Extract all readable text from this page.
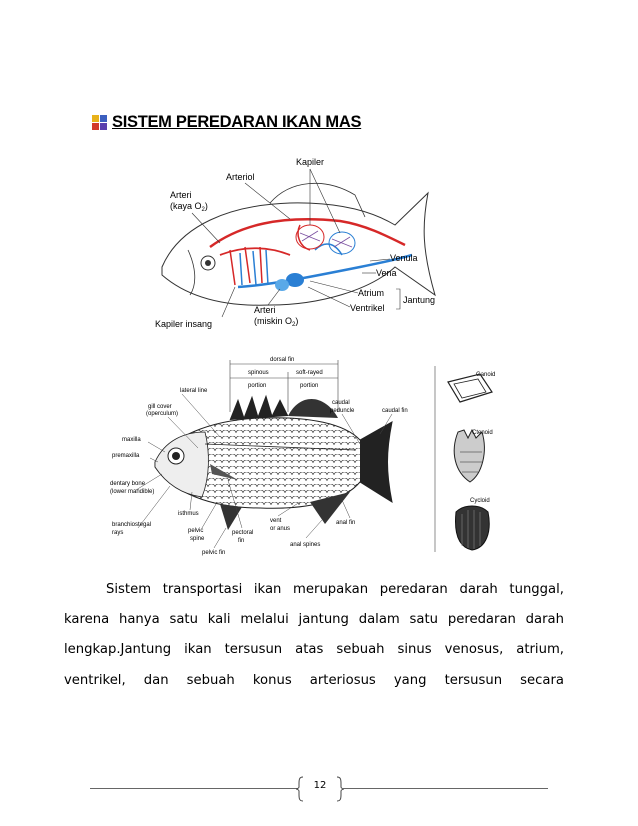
SISTEM PEREDARAN IKAN MAS
Kapiler
Arteriol
Arteri
(kaya $O_2$)
Venula
Vena
Atrium
Ventrikel
Jantung
Kapiler insang
Arteri
(miskin $O_2$)
dorsal fin
spinous
portion
soft-rayed
portion
lateral line
gill cover
(operculum)
maxilla
premaxilla
dentary bone
(lower mandible)
branchiostegal
rays
isthmus
pelvic
spine
pelvic fin
pectoral
fin
vent
or anus
anal spines
anal fin
caudal
peduncle	caudal fin
Ganoid
Ctenoid
Cycloid
Sistem transportasi ikan merupakan peredaran darah tunggal,
karena hanya satu kali melalui jantung dalam satu peredaran darah
lengkap.Jantung ikan tersusun atas sebuah sinus venosus, atrium,
ventrikel, dan sebuah konus arteriosus yang tersusun secara
12
